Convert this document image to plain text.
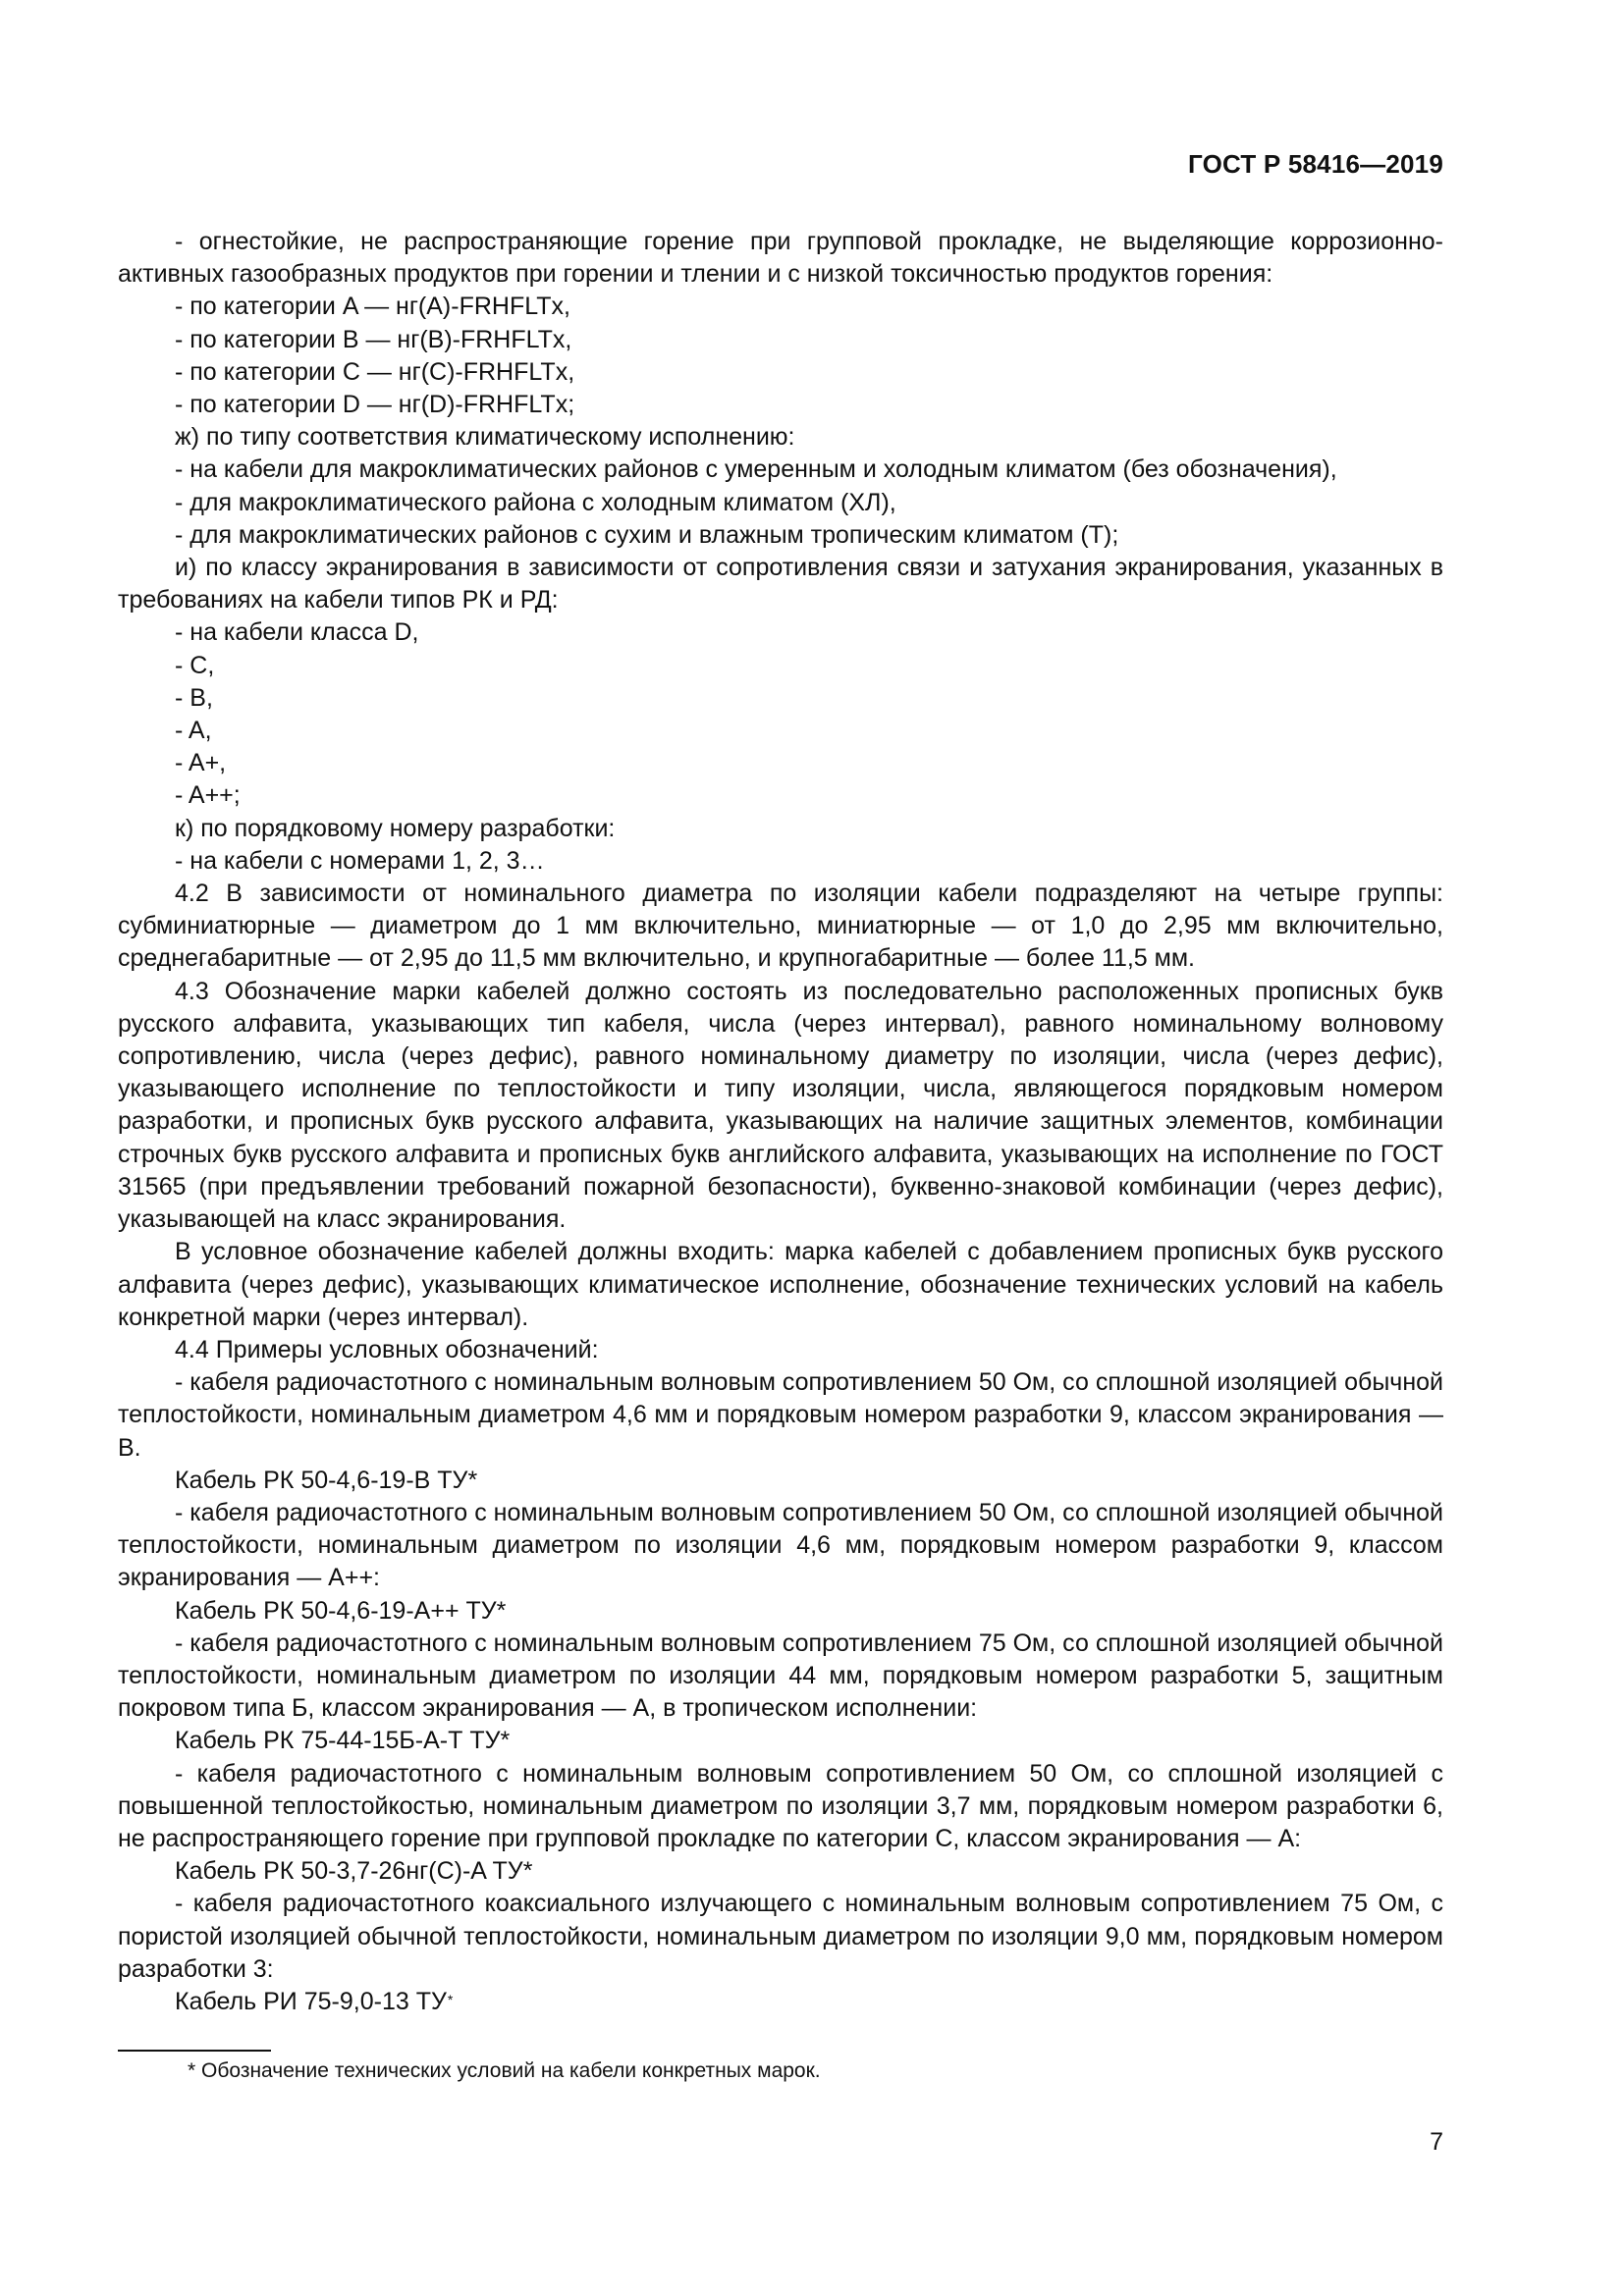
ГОСТ Р 58416—2019

- огнестойкие, не распространяющие горение при групповой прокладке, не выделяющие коррозионно-активных газообразных продуктов при горении и тлении и с низкой токсичностью продуктов горения:

- по категории A — нг(A)-FRHFLTx,

- по категории B — нг(B)-FRHFLTx,

- по категории C — нг(C)-FRHFLTx,

- по категории D — нг(D)-FRHFLTx;

ж) по типу соответствия климатическому исполнению:

- на кабели для макроклиматических районов с умеренным и холодным климатом (без обозначения),

- для макроклиматического района с холодным климатом (ХЛ),

- для макроклиматических районов с сухим и влажным тропическим климатом (Т);

и) по классу экранирования в зависимости от сопротивления связи и затухания экранирования, указанных в требованиях на кабели типов РК и РД:

- на кабели класса D,

- C,

- B,

- A,

- A+,

- A++;

к) по порядковому номеру разработки:

- на кабели с номерами 1, 2, 3…

4.2 В зависимости от номинального диаметра по изоляции кабели подразделяют на четыре группы: субминиатюрные — диаметром до 1 мм включительно, миниатюрные — от 1,0 до 2,95 мм включительно, среднегабаритные — от 2,95 до 11,5 мм включительно, и крупногабаритные — более 11,5 мм.

4.3 Обозначение марки кабелей должно состоять из последовательно расположенных прописных букв русского алфавита, указывающих тип кабеля, числа (через интервал), равного номинальному волновому сопротивлению, числа (через дефис), равного номинальному диаметру по изоляции, числа (через дефис), указывающего исполнение по теплостойкости и типу изоляции, числа, являющегося порядковым номером разработки, и прописных букв русского алфавита, указывающих на наличие защитных элементов, комбинации строчных букв русского алфавита и прописных букв английского алфавита, указывающих на исполнение по ГОСТ 31565 (при предъявлении требований пожарной безопасности), буквенно-знаковой комбинации (через дефис), указывающей на класс экранирования.

В условное обозначение кабелей должны входить: марка кабелей с добавлением прописных букв русского алфавита (через дефис), указывающих климатическое исполнение, обозначение технических условий на кабель конкретной марки (через интервал).

4.4 Примеры условных обозначений:

- кабеля радиочастотного с номинальным волновым сопротивлением 50 Ом, со сплошной изоляцией обычной теплостойкости, номинальным диаметром 4,6 мм и порядковым номером разработки 9, классом экранирования — B.

Кабель РК 50-4,6-19-B ТУ*

- кабеля радиочастотного с номинальным волновым сопротивлением 50 Ом, со сплошной изоляцией обычной теплостойкости, номинальным диаметром по изоляции 4,6 мм, порядковым номером разработки 9, классом экранирования — A++:

Кабель РК 50-4,6-19-A++ ТУ*

- кабеля радиочастотного с номинальным волновым сопротивлением 75 Ом, со сплошной изоляцией обычной теплостойкости, номинальным диаметром по изоляции 44 мм, порядковым номером разработки 5, защитным покровом типа Б, классом экранирования — A, в тропическом исполнении:

Кабель РК 75-44-15Б-A-Т ТУ*

- кабеля радиочастотного с номинальным волновым сопротивлением 50 Ом, со сплошной изоляцией с повышенной теплостойкостью, номинальным диаметром по изоляции 3,7 мм, порядковым номером разработки 6, не распространяющего горение при групповой прокладке по категории C, классом экранирования — A:

Кабель РК 50-3,7-26нг(C)-A ТУ*

- кабеля радиочастотного коаксиального излучающего с номинальным волновым сопротивлением 75 Ом, с пористой изоляцией обычной теплостойкости, номинальным диаметром по изоляции 9,0 мм, порядковым номером разработки 3:

Кабель РИ 75-9,0-13 ТУ*

* Обозначение технических условий на кабели конкретных марок.
7
